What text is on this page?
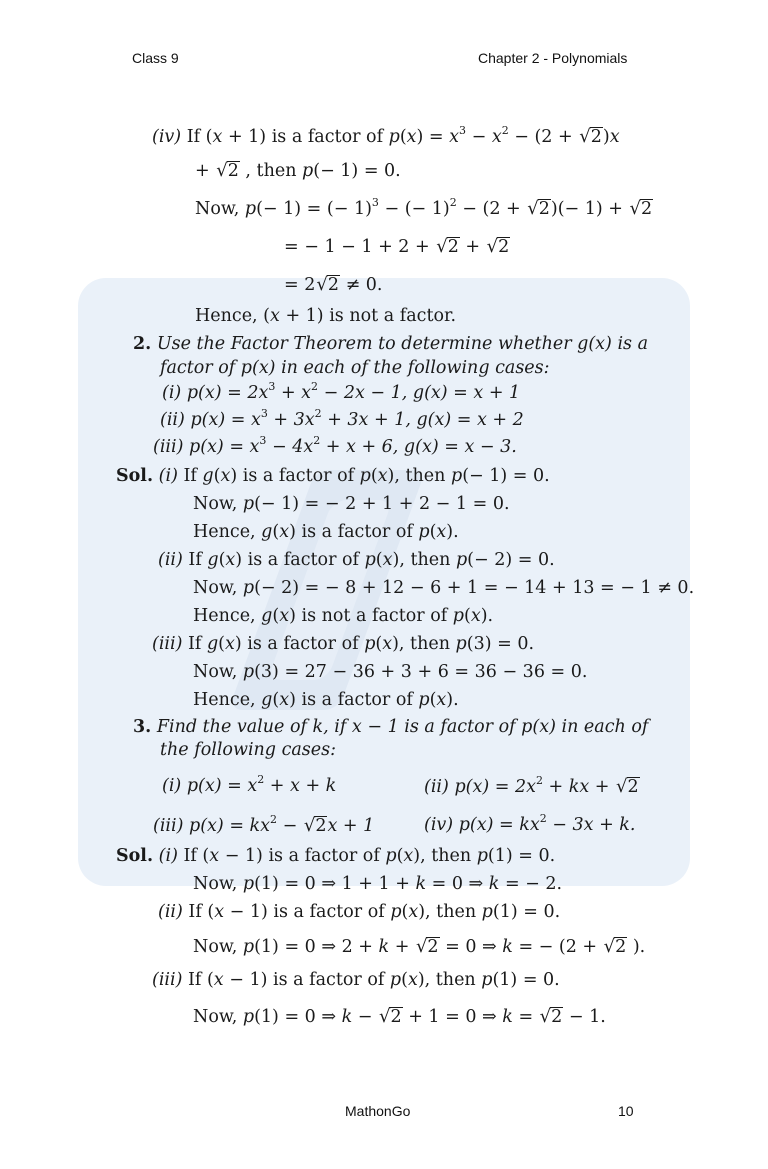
Class 9	Chapter 2 - Polynomials
(iv) If (x + 1) is a factor of $p(x) = x^3 - x^2 - (2 + √2)x$
+ √2 , then p(− 1) = 0.
Now, p(− 1) = (− 1)$^3$ − (− 1)$^2$ − (2 + √2)(− 1) + √2
= − 1 − 1 + 2 + √2 + √2
= 2√2 ≠ 0.
Hence, (x + 1) is not a factor.
2. Use the Factor Theorem to determine whether g(x) is a
factor of p(x) in each of the following cases:
(i) $p(x) = 2x^3 + x^2 - 2x - 1$, g(x) = x + 1
(ii) $p(x) = x^3 + 3x^2 + 3x + 1$, g(x) = x + 2
(iii) $p(x) = x^3 - 4x^2 + x + 6$, g(x) = x − 3.
Sol. (i) If g(x) is a factor of p(x), then p(− 1) = 0.
Now, p(− 1) = − 2 + 1 + 2 − 1 = 0.
Hence, g(x) is a factor of p(x).
(ii) If g(x) is a factor of p(x), then p(− 2) = 0.
Now, p(− 2) = − 8 + 12 − 6 + 1 = − 14 + 13 = − 1 ≠ 0.
Hence, g(x) is not a factor of p(x).
(iii) If g(x) is a factor of p(x), then p(3) = 0.
Now, p(3) = 27 − 36 + 3 + 6 = 36 − 36 = 0.
Hence, g(x) is a factor of p(x).
3. Find the value of k, if x − 1 is a factor of p(x) in each of
the following cases:
(i) $p(x) = x^2 + x + k$	(ii) $p(x) = 2x^2$ + kx + √2
(iii) $p(x) = kx^2 - √2x + 1$	(iv) $p(x) = kx^2 - 3x + k$.
Sol. (i) If (x − 1) is a factor of p(x), then p(1) = 0.
Now, p(1) = 0 ⇒ 1 + 1 + k = 0 ⇒ k = − 2.
(ii) If (x − 1) is a factor of p(x), then p(1) = 0.
Now, p(1) = 0 ⇒ 2 + k + √2 = 0 ⇒ k = − (2 + √2 ).
(iii) If (x − 1) is a factor of p(x), then p(1) = 0.
Now, p(1) = 0 ⇒ k − √2 + 1 = 0 ⇒ k = √2 − 1.
MathonGo	10
